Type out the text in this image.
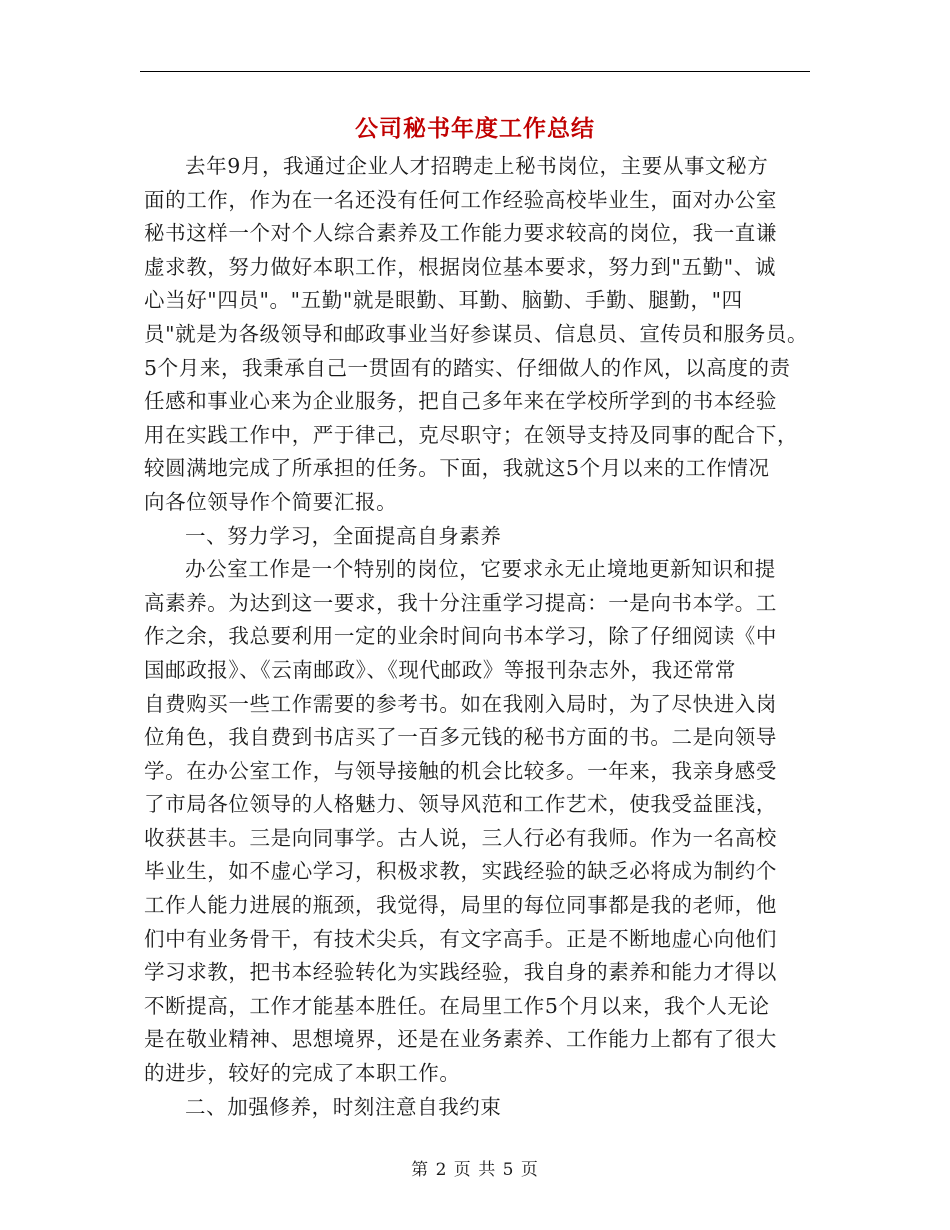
公司秘书年度工作总结
去年9月，我通过企业人才招聘走上秘书岗位，主要从事文秘方
面的工作，作为在一名还没有任何工作经验高校毕业生，面对办公室
秘书这样一个对个人综合素养及工作能力要求较高的岗位，我一直谦
虚求教，努力做好本职工作，根据岗位基本要求，努力到"五勤"、诚
心当好"四员"。"五勤"就是眼勤、耳勤、脑勤、手勤、腿勤，"四
员"就是为各级领导和邮政事业当好参谋员、信息员、宣传员和服务员。
5个月来，我秉承自己一贯固有的踏实、仔细做人的作风，以高度的责
任感和事业心来为企业服务，把自己多年来在学校所学到的书本经验
用在实践工作中，严于律己，克尽职守；在领导支持及同事的配合下，
较圆满地完成了所承担的任务。下面，我就这5个月以来的工作情况
向各位领导作个简要汇报。
一、努力学习，全面提高自身素养
办公室工作是一个特别的岗位，它要求永无止境地更新知识和提
高素养。为达到这一要求，我十分注重学习提高：一是向书本学。工
作之余，我总要利用一定的业余时间向书本学习，除了仔细阅读《中
国邮政报》、《云南邮政》、《现代邮政》等报刊杂志外，我还常常
自费购买一些工作需要的参考书。如在我刚入局时，为了尽快进入岗
位角色，我自费到书店买了一百多元钱的秘书方面的书。二是向领导
学。在办公室工作，与领导接触的机会比较多。一年来，我亲身感受
了市局各位领导的人格魅力、领导风范和工作艺术，使我受益匪浅，
收获甚丰。三是向同事学。古人说，三人行必有我师。作为一名高校
毕业生，如不虚心学习，积极求教，实践经验的缺乏必将成为制约个
工作人能力进展的瓶颈，我觉得，局里的每位同事都是我的老师，他
们中有业务骨干，有技术尖兵，有文字高手。正是不断地虚心向他们
学习求教，把书本经验转化为实践经验，我自身的素养和能力才得以
不断提高，工作才能基本胜任。在局里工作5个月以来，我个人无论
是在敬业精神、思想境界，还是在业务素养、工作能力上都有了很大
的进步，较好的完成了本职工作。
二、加强修养，时刻注意自我约束
第 2 页 共 5 页
